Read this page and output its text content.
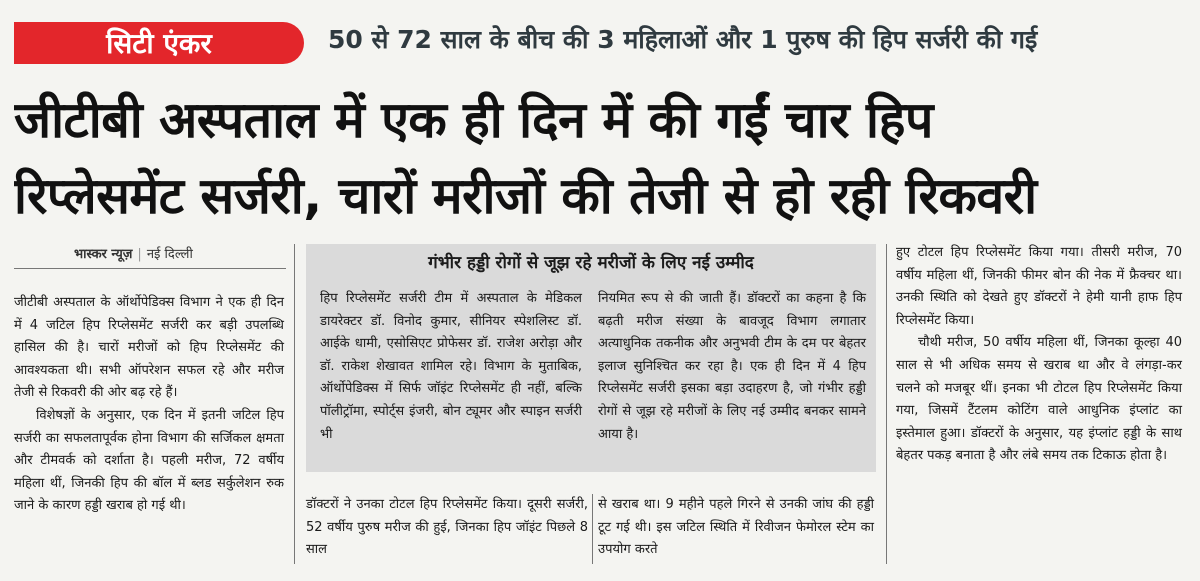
सिटी एंकर	50 से 72 साल के बीच की 3 महिलाओं और 1 पुरुष की हिप सर्जरी की गई
जीटीबी अस्पताल में एक ही दिन में की गईं चार हिप
रिप्लेसमेंट सर्जरी, चारों मरीजों की तेजी से हो रही रिकवरी
भास्कर न्यूज़ | नई दिल्ली

जीटीबी अस्पताल के ऑर्थोपेडिक्स विभाग ने एक ही दिन में 4 जटिल हिप रिप्लेसमेंट सर्जरी कर बड़ी उपलब्धि हासिल की है। चारों मरीजों को हिप रिप्लेसमेंट की आवश्यकता थी। सभी ऑपरेशन सफल रहे और मरीज तेजी से रिकवरी की ओर बढ़ रहे हैं।

विशेषज्ञों के अनुसार, एक दिन में इतनी जटिल हिप सर्जरी का सफलतापूर्वक होना विभाग की सर्जिकल क्षमता और टीमवर्क को दर्शाता है। पहली मरीज, 72 वर्षीय महिला थीं, जिनकी हिप की बॉल में ब्लड सर्कुलेशन रुक जाने के कारण हड्डी खराब हो गई थी।

गंभीर हड्डी रोगों से जूझ रहे मरीजों के लिए नई उम्मीद

हिप रिप्लेसमेंट सर्जरी टीम में अस्पताल के मेडिकल डायरेक्टर डॉ. विनोद कुमार, सीनियर स्पेशलिस्ट डॉ. आईके धामी, एसोसिएट प्रोफेसर डॉ. राजेश अरोड़ा और डॉ. राकेश शेखावत शामिल रहे। विभाग के मुताबिक, ऑर्थोपेडिक्स में सिर्फ जॉइंट रिप्लेसमेंट ही नहीं, बल्कि पॉलीट्रॉमा, स्पोर्ट्स इंजरी, बोन ट्यूमर और स्पाइन सर्जरी भी

नियमित रूप से की जाती हैं। डॉक्टरों का कहना है कि बढ़ती मरीज संख्या के बावजूद विभाग लगातार अत्याधुनिक तकनीक और अनुभवी टीम के दम पर बेहतर इलाज सुनिश्चित कर रहा है। एक ही दिन में 4 हिप रिप्लेसमेंट सर्जरी इसका बड़ा उदाहरण है, जो गंभीर हड्डी रोगों से जूझ रहे मरीजों के लिए नई उम्मीद बनकर सामने आया है।

डॉक्टरों ने उनका टोटल हिप रिप्लेसमेंट किया। दूसरी सर्जरी, 52 वर्षीय पुरुष मरीज की हुई, जिनका हिप जॉइंट पिछले 8 साल

से खराब था। 9 महीने पहले गिरने से उनकी जांघ की हड्डी टूट गई थी। इस जटिल स्थिति में रिवीजन फेमोरल स्टेम का उपयोग करते

हुए टोटल हिप रिप्लेसमेंट किया गया। तीसरी मरीज, 70 वर्षीय महिला थीं, जिनकी फीमर बोन की नेक में फ्रैक्चर था। उनकी स्थिति को देखते हुए डॉक्टरों ने हेमी यानी हाफ हिप रिप्लेसमेंट किया।

चौथी मरीज, 50 वर्षीय महिला थीं, जिनका कूल्हा 40 साल से भी अधिक समय से खराब था और वे लंगड़ा-कर चलने को मजबूर थीं। इनका भी टोटल हिप रिप्लेसमेंट किया गया, जिसमें टैंटलम कोटिंग वाले आधुनिक इंप्लांट का इस्तेमाल हुआ। डॉक्टरों के अनुसार, यह इंप्लांट हड्डी के साथ बेहतर पकड़ बनाता है और लंबे समय तक टिकाऊ होता है।
